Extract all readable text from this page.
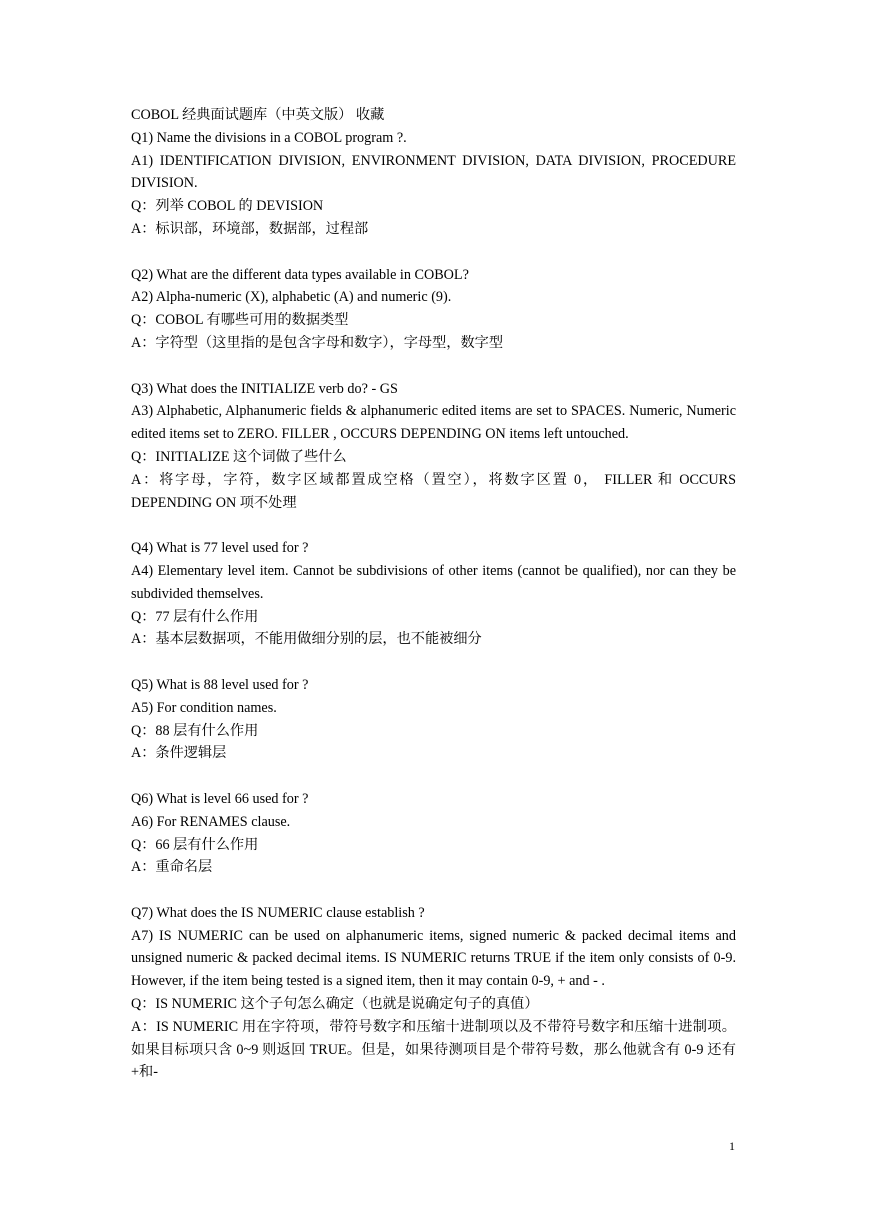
COBOL 经典面试题库（中英文版） 收藏

Q1) Name the divisions in a COBOL program ?.

A1) IDENTIFICATION DIVISION, ENVIRONMENT DIVISION, DATA DIVISION, PROCEDURE DIVISION.

Q：列举 COBOL 的 DEVISION

A：标识部，环境部，数据部，过程部

Q2) What are the different data types available in COBOL?

A2) Alpha-numeric (X), alphabetic (A) and numeric (9).

Q：COBOL 有哪些可用的数据类型

A：字符型（这里指的是包含字母和数字），字母型，数字型

Q3) What does the INITIALIZE verb do? - GS

A3) Alphabetic, Alphanumeric fields & alphanumeric edited items are set to SPACES. Numeric, Numeric edited items set to ZERO. FILLER , OCCURS DEPENDING ON items left untouched.

Q：INITIALIZE 这个词做了些什么

A：将字母，字符，数字区域都置成空格（置空），将数字区置 0， FILLER 和 OCCURS DEPENDING ON 项不处理

Q4) What is 77 level used for ?

A4) Elementary level item. Cannot be subdivisions of other items (cannot be qualified), nor can they be subdivided themselves.

Q：77 层有什么作用

A：基本层数据项，不能用做细分别的层，也不能被细分

Q5) What is 88 level used for ?

A5) For condition names.

Q：88 层有什么作用

A：条件逻辑层

Q6) What is level 66 used for ?

A6) For RENAMES clause.

Q：66 层有什么作用

A：重命名层

Q7) What does the IS NUMERIC clause establish ?

A7) IS NUMERIC can be used on alphanumeric items, signed numeric & packed decimal items and unsigned numeric & packed decimal items. IS NUMERIC returns TRUE if the item only consists of 0-9. However, if the item being tested is a signed item, then it may contain 0-9, + and - .

Q：IS NUMERIC 这个子句怎么确定（也就是说确定句子的真值）

A：IS NUMERIC 用在字符项，带符号数字和压缩十进制项以及不带符号数字和压缩十进制项。如果目标项只含 0~9 则返回 TRUE。但是，如果待测项目是个带符号数，那么他就含有 0-9 还有+和-

1
